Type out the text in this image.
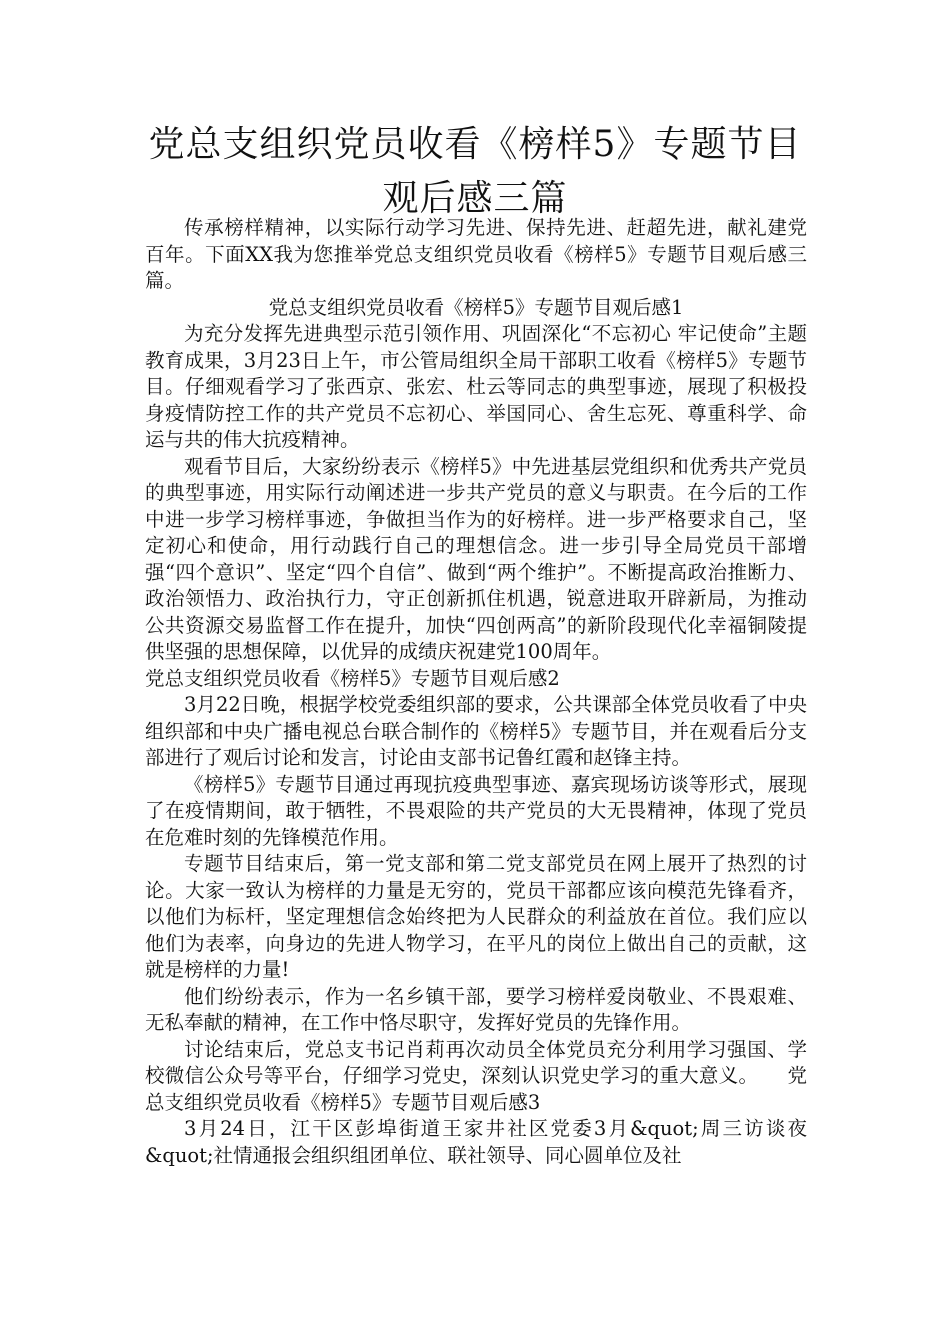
党总支组织党员收看《榜样5》专题节目观后感三篇

传承榜样精神，以实际行动学习先进、保持先进、赶超先进，献礼建党百年。下面XX我为您推举党总支组织党员收看《榜样5》专题节目观后感三篇。

党总支组织党员收看《榜样5》专题节目观后感1

为充分发挥先进典型示范引领作用、巩固深化“不忘初心 牢记使命”主题教育成果，3月23日上午，市公管局组织全局干部职工收看《榜样5》专题节目。仔细观看学习了张西京、张宏、杜云等同志的典型事迹，展现了积极投身疫情防控工作的共产党员不忘初心、举国同心、舍生忘死、尊重科学、命运与共的伟大抗疫精神。

观看节目后，大家纷纷表示《榜样5》中先进基层党组织和优秀共产党员的典型事迹，用实际行动阐述进一步共产党员的意义与职责。在今后的工作中进一步学习榜样事迹，争做担当作为的好榜样。进一步严格要求自己，坚定初心和使命，用行动践行自己的理想信念。进一步引导全局党员干部增强“四个意识”、坚定“四个自信”、做到“两个维护”。不断提高政治推断力、政治领悟力、政治执行力，守正创新抓住机遇，锐意进取开辟新局，为推动公共资源交易监督工作在提升，加快“四创两高”的新阶段现代化幸福铜陵提供坚强的思想保障，以优异的成绩庆祝建党100周年。

党总支组织党员收看《榜样5》专题节目观后感2

3月22日晚，根据学校党委组织部的要求，公共课部全体党员收看了中央组织部和中央广播电视总台联合制作的《榜样5》专题节目，并在观看后分支部进行了观后讨论和发言，讨论由支部书记鲁红霞和赵锋主持。

《榜样5》专题节目通过再现抗疫典型事迹、嘉宾现场访谈等形式，展现了在疫情期间，敢于牺牲，不畏艰险的共产党员的大无畏精神，体现了党员在危难时刻的先锋模范作用。

专题节目结束后，第一党支部和第二党支部党员在网上展开了热烈的讨论。大家一致认为榜样的力量是无穷的，党员干部都应该向模范先锋看齐，以他们为标杆，坚定理想信念始终把为人民群众的利益放在首位。我们应以他们为表率，向身边的先进人物学习，在平凡的岗位上做出自己的贡献，这就是榜样的力量!

他们纷纷表示，作为一名乡镇干部，要学习榜样爱岗敬业、不畏艰难、无私奉献的精神，在工作中恪尽职守，发挥好党员的先锋作用。

讨论结束后，党总支书记肖莉再次动员全体党员充分利用学习强国、学校微信公众号等平台，仔细学习党史，深刻认识党史学习的重大意义。 党总支组织党员收看《榜样5》专题节目观后感3

3月24日，江干区彭埠街道王家井社区党委3月&quot;周三访谈夜&quot;社情通报会组织组团单位、联社领导、同心圆单位及社
